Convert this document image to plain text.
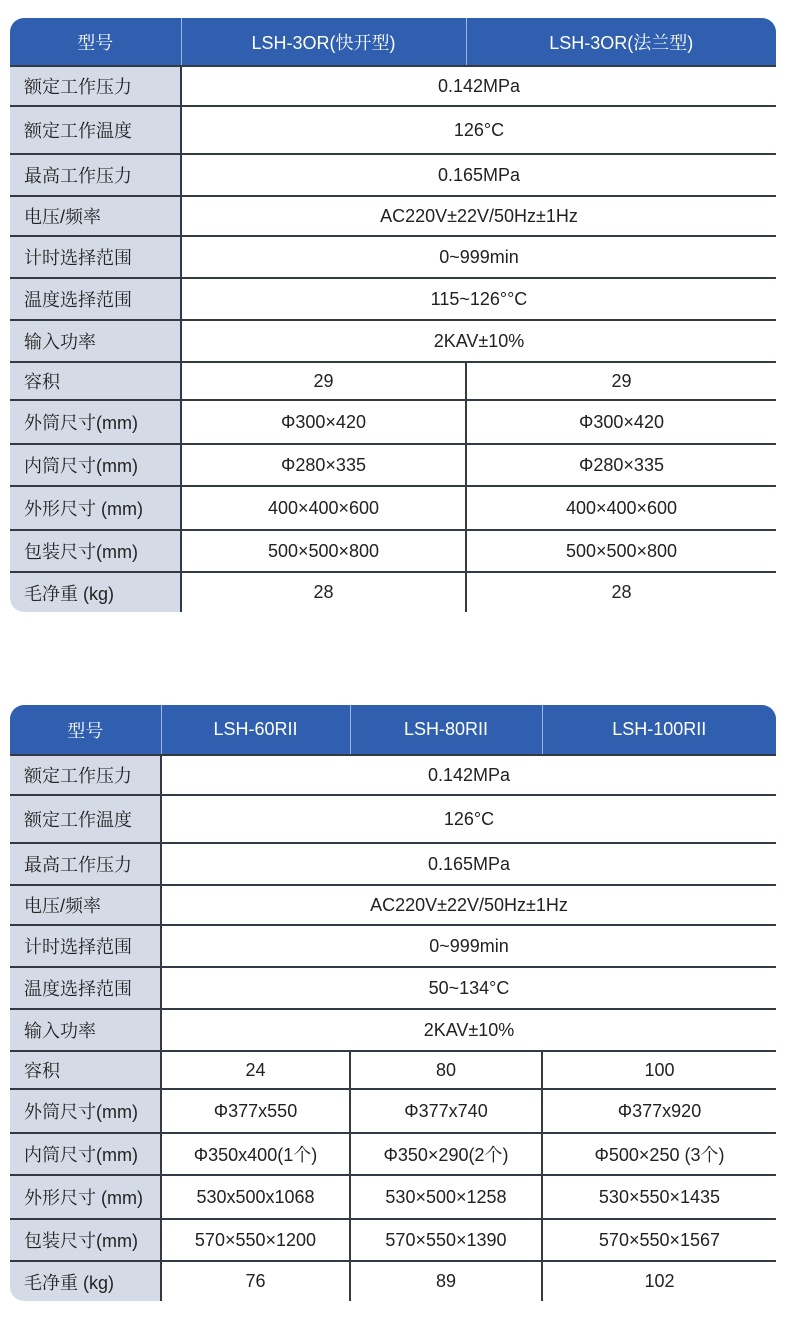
型号	LSH-3OR(快开型)	LSH-3OR(法兰型)
额定工作压力	0.142MPa	
额定工作温度	126°C	
最高工作压力	0.165MPa	
电压/频率	AC220V±22V/50Hz±1Hz	
计时选择范围	0~999min	
温度选择范围	115~126°°C	
输入功率	2KAV±10%	
容积	29	29
外筒尺寸(mm)	Φ300×420	Φ300×420
内筒尺寸(mm)	Φ280×335	Φ280×335
外形尺寸 (mm)	400×400×600	400×400×600
包装尺寸(mm)	500×500×800	500×500×800
毛净重 (kg)	28	28
型号	LSH-60RII	LSH-80RII	LSH-100RII
额定工作压力	0.142MPa		
额定工作温度	126°C		
最高工作压力	0.165MPa		
电压/频率	AC220V±22V/50Hz±1Hz		
计时选择范围	0~999min		
温度选择范围	50~134°C		
输入功率	2KAV±10%		
容积	24	80	100
外筒尺寸(mm)	Φ377x550	Φ377x740	Φ377x920
内筒尺寸(mm)	Φ350x400(1个)	Φ350×290(2个)	Φ500×250 (3个)
外形尺寸 (mm)	530x500x1068	530×500×1258	530×550×1435
包装尺寸(mm)	570×550×1200	570×550×1390	570×550×1567
毛净重 (kg)	76	89	102
